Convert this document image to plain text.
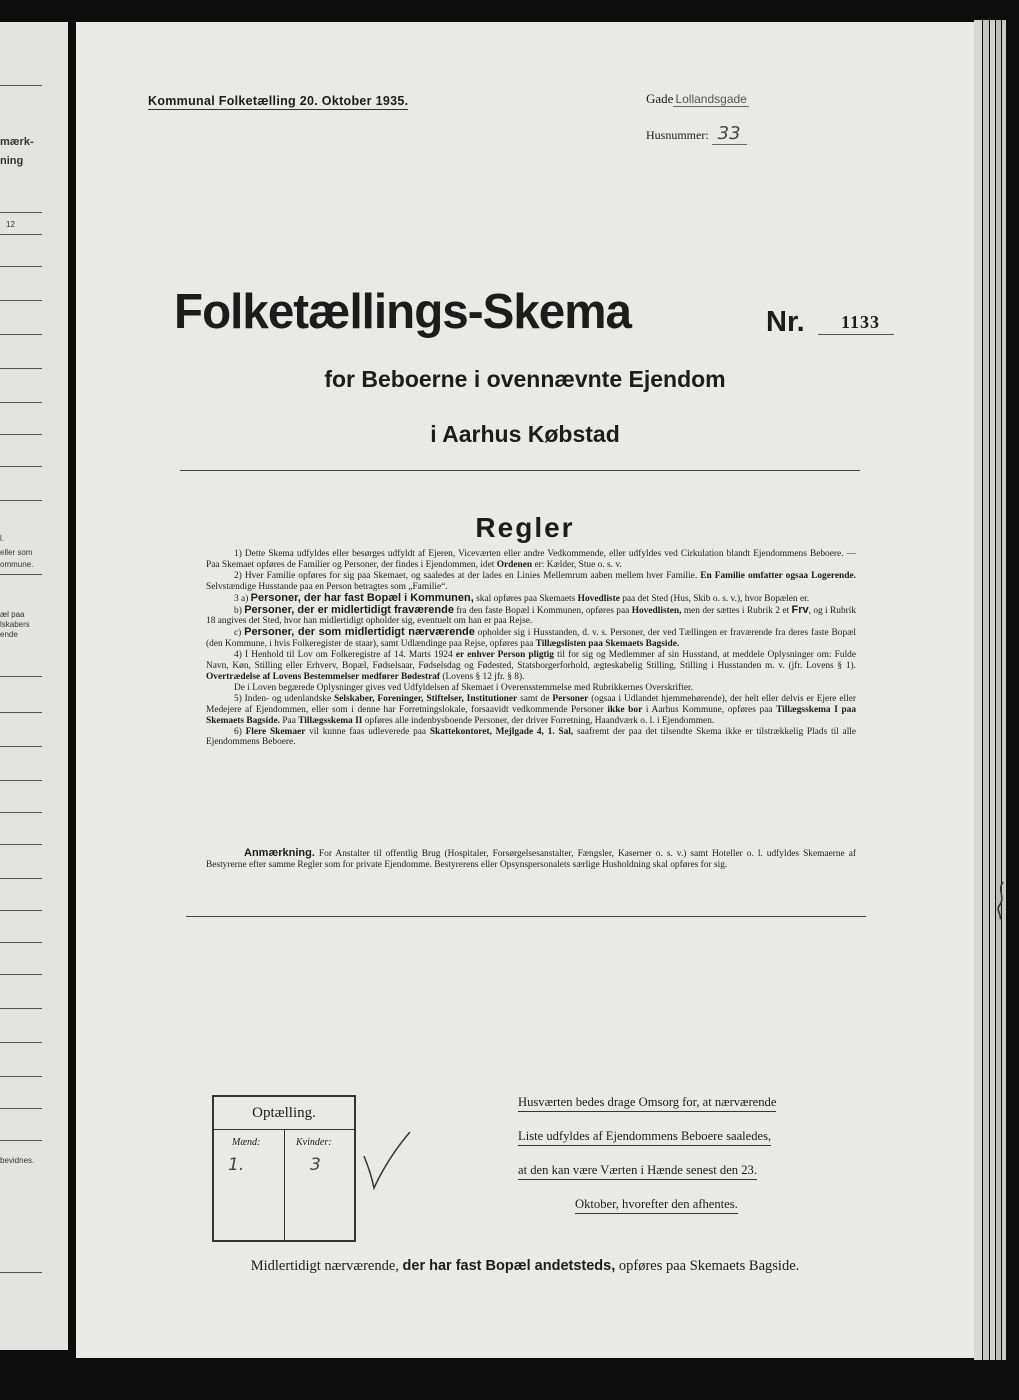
mærk-
ning
12
l.
eller som
ommune.
æl paa
lskabers
ende
bevidnes.
Kommunal Folketælling 20. Oktober 1935.	Gade Lollandsgade
Husnummer: 33
Folketællings-Skema	Nr. 1133
for Beboerne i ovennævnte Ejendom
i Aarhus Købstad
Regler

1) Dette Skema udfyldes eller besørges udfyldt af Ejeren, Viceværten eller andre Vedkommende, eller udfyldes ved Cirkulation blandt Ejendommens Beboere. — Paa Skemaet opføres de Familier og Personer, der findes i Ejendommen, idet Ordenen er: Kælder, Stue o. s. v.

2) Hver Familie opføres for sig paa Skemaet, og saaledes at der lades en Linies Mellemrum aaben mellem hver Familie. En Familie omfatter ogsaa Logerende. Selvstændige Husstande paa en Person betragtes som „Familie“.

3 a) Personer, der har fast Bopæl i Kommunen, skal opføres paa Skemaets Hovedliste paa det Sted (Hus, Skib o. s. v.), hvor Bopælen er.

b) Personer, der er midlertidigt fraværende fra den faste Bopæl i Kommunen, opføres paa Hovedlisten, men der sættes i Rubrik 2 et Frv, og i Rubrik 18 angives det Sted, hvor han midlertidigt opholder sig, eventuelt om han er paa Rejse.

c) Personer, der som midlertidigt nærværende opholder sig i Husstanden, d. v. s. Personer, der ved Tællingen er fraværende fra deres faste Bopæl (den Kommune, i hvis Folkeregister de staar), samt Udlændinge paa Rejse, opføres paa Tillægslisten paa Skemaets Bagside.

4) I Henhold til Lov om Folkeregistre af 14. Marts 1924 er enhver Person pligtig til for sig og Medlemmer af sin Husstand, at meddele Oplysninger om: Fulde Navn, Køn, Stilling eller Erhverv, Bopæl, Fødselsaar, Fødselsdag og Fødested, Statsborgerforhold, ægteskabelig Stilling, Stilling i Husstanden m. v. (jfr. Lovens § 1). Overtrædelse af Lovens Bestemmelser medfører Bødestraf (Lovens § 12 jfr. § 8).

De i Loven begærede Oplysninger gives ved Udfyldelsen af Skemaet i Overensstemmelse med Rubrikkernes Overskrifter.

5) Inden- og udenlandske Selskaber, Foreninger, Stiftelser, Institutioner samt de Personer (ogsaa i Udlandet hjemmehørende), der helt eller delvis er Ejere eller Medejere af Ejendommen, eller som i denne har Forretningslokale, forsaavidt vedkommende Personer ikke bor i Aarhus Kommune, opføres paa Tillægsskema I paa Skemaets Bagside. Paa Tillægsskema II opføres alle indenbysboende Personer, der driver Forretning, Haandværk o. l. i Ejendommen.

6) Flere Skemaer vil kunne faas udleverede paa Skattekontoret, Mejlgade 4, 1. Sal, saafremt der paa det tilsendte Skema ikke er tilstrækkelig Plads til alle Ejendommens Beboere.

Anmærkning. For Anstalter til offentlig Brug (Hospitaler, Forsørgelsesanstalter, Fængsler, Kaserner o. s. v.) samt Hoteller o. l. udfyldes Skemaerne af Bestyrerne efter samme Regler som for private Ejendomme. Bestyrerens eller Opsynspersonalets særlige Husholdning skal opføres for sig.

Optælling.
Mænd:	Kvinder:
1.	3
Husværten bedes drage Omsorg for, at nærværende
Liste udfyldes af Ejendommens Beboere saaledes,
at den kan være Værten i Hænde senest den 23.
Oktober, hvorefter den afhentes.
Midlertidigt nærværende, der har fast Bopæl andetsteds, opføres paa Skemaets Bagside.
